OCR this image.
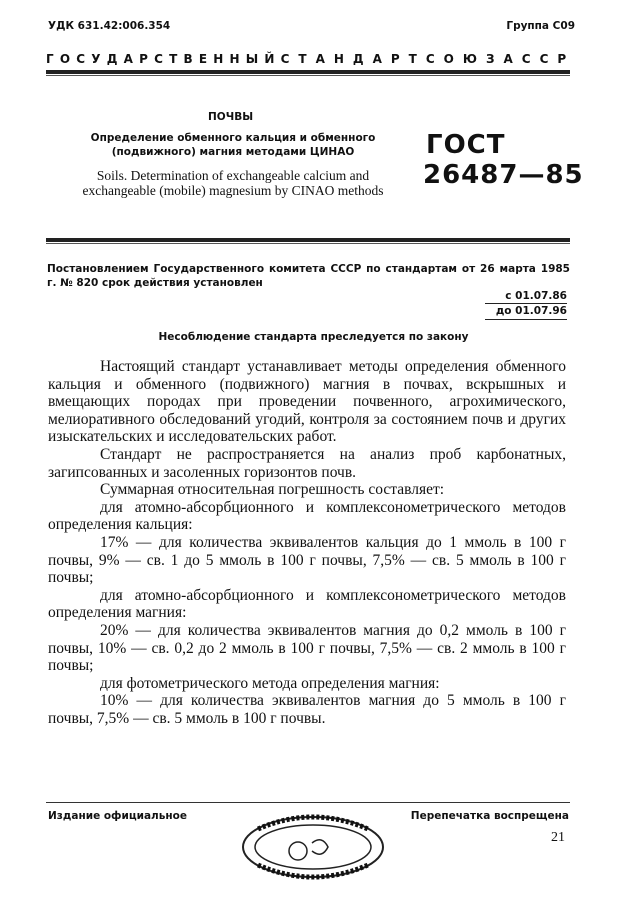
УДК 631.42:006.354	Группа С09
ГОСУДАРСТВЕННЫЙ СТАНДАРТ СОЮЗА ССР
ПОЧВЫ
Определение обменного кальция и обменного (подвижного) магния методами ЦИНАО
Soils. Determination of exchangeable calcium and exchangeable (mobile) magnesium by CINAO methods
ГОСТ
26487—85
Постановлением Государственного комитета СССР по стандартам от 26 марта 1985 г. № 820 срок действия установлен
с 01.07.86
до 01.07.96
Несоблюдение стандарта преследуется по закону

Настоящий стандарт устанавливает методы определения обменного кальция и обменного (подвижного) магния в почвах, вскрышных и вмещающих породах при проведении почвенного, агрохимического, мелиоративного обследований угодий, контроля за состоянием почв и других изыскательских и исследовательских работ.

Стандарт не распространяется на анализ проб карбонатных, загипсованных и засоленных горизонтов почв.

Суммарная относительная погрешность составляет:

для атомно-абсорбционного и комплексонометрического методов определения кальция:

17% — для количества эквивалентов кальция до 1 ммоль в 100 г почвы, 9% — св. 1 до 5 ммоль в 100 г почвы, 7,5% — св. 5 ммоль в 100 г почвы;

для атомно-абсорбционного и комплексонометрического методов определения магния:

20% — для количества эквивалентов магния до 0,2 ммоль в 100 г почвы, 10% — св. 0,2 до 2 ммоль в 100 г почвы, 7,5% — св. 2 ммоль в 100 г почвы;

для фотометрического метода определения магния:

10% — для количества эквивалентов магния до 5 ммоль в 100 г почвы, 7,5% — св. 5 ммоль в 100 г почвы.

Издание официальное	Перепечатка воспрещена
21
